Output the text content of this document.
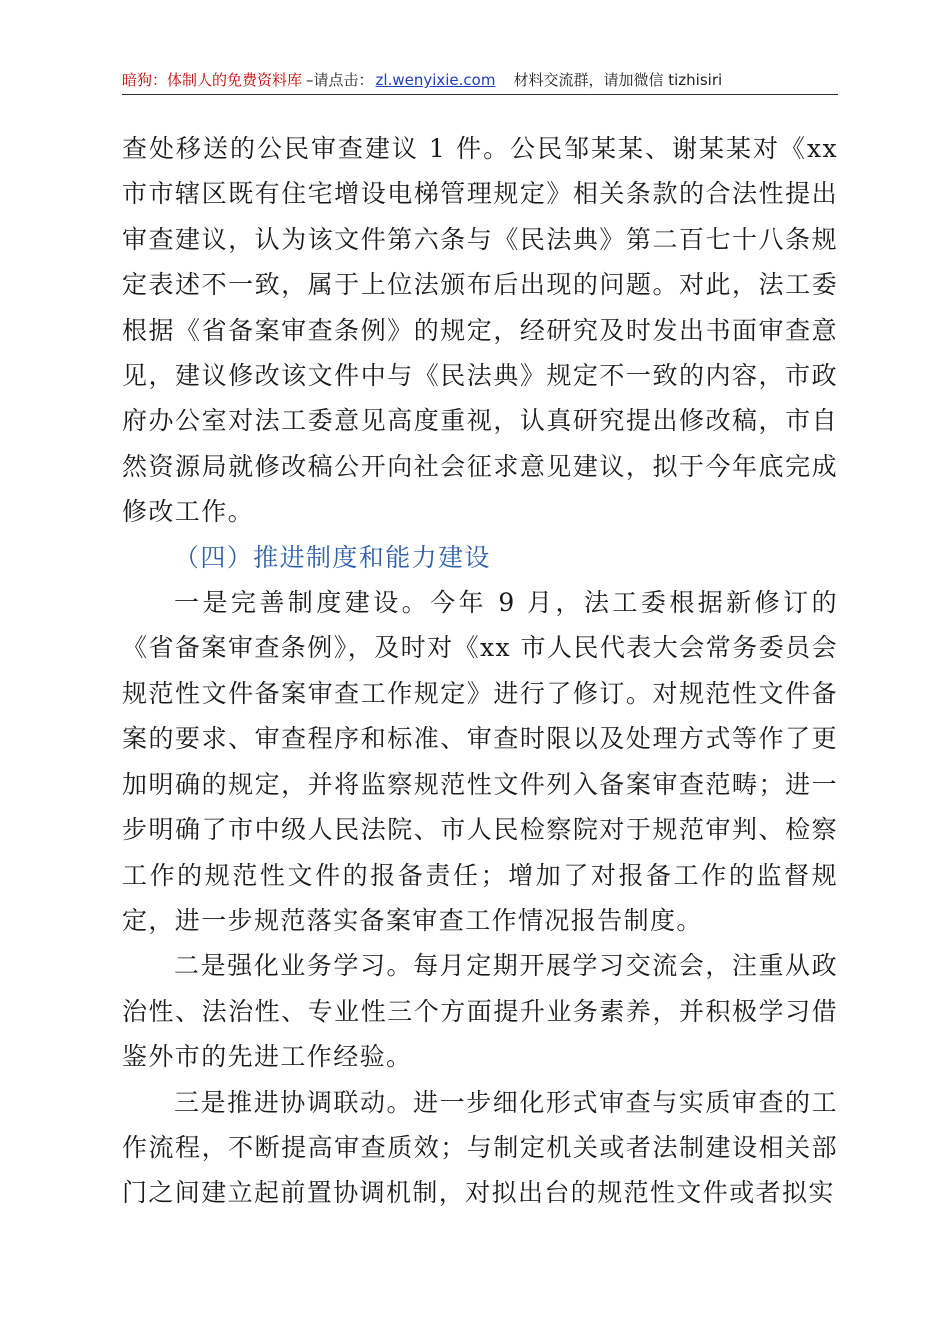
暗狗：体制人的免费资料库 –请点击： zl.wenyixie.com 材料交流群，请加微信 tizhisiri

查处移送的公民审查建议 1 件。公民邹某某、谢某某对《xx 市市辖区既有住宅增设电梯管理规定》相关条款的合法性提出审查建议，认为该文件第六条与《民法典》第二百七十八条规定表述不一致，属于上位法颁布后出现的问题。对此，法工委根据《省备案审查条例》的规定，经研究及时发出书面审查意见，建议修改该文件中与《民法典》规定不一致的内容，市政府办公室对法工委意见高度重视，认真研究提出修改稿，市自然资源局就修改稿公开向社会征求意见建议，拟于今年底完成修改工作。

（四）推进制度和能力建设

一是完善制度建设。今年 9 月，法工委根据新修订的《省备案审查条例》，及时对《xx 市人民代表大会常务委员会规范性文件备案审查工作规定》进行了修订。对规范性文件备案的要求、审查程序和标准、审查时限以及处理方式等作了更加明确的规定，并将监察规范性文件列入备案审查范畴；进一步明确了市中级人民法院、市人民检察院对于规范审判、检察工作的规范性文件的报备责任；增加了对报备工作的监督规定，进一步规范落实备案审查工作情况报告制度。

二是强化业务学习。每月定期开展学习交流会，注重从政治性、法治性、专业性三个方面提升业务素养，并积极学习借鉴外市的先进工作经验。

三是推进协调联动。进一步细化形式审查与实质审查的工作流程，不断提高审查质效；与制定机关或者法制建设相关部门之间建立起前置协调机制，对拟出台的规范性文件或者拟实
